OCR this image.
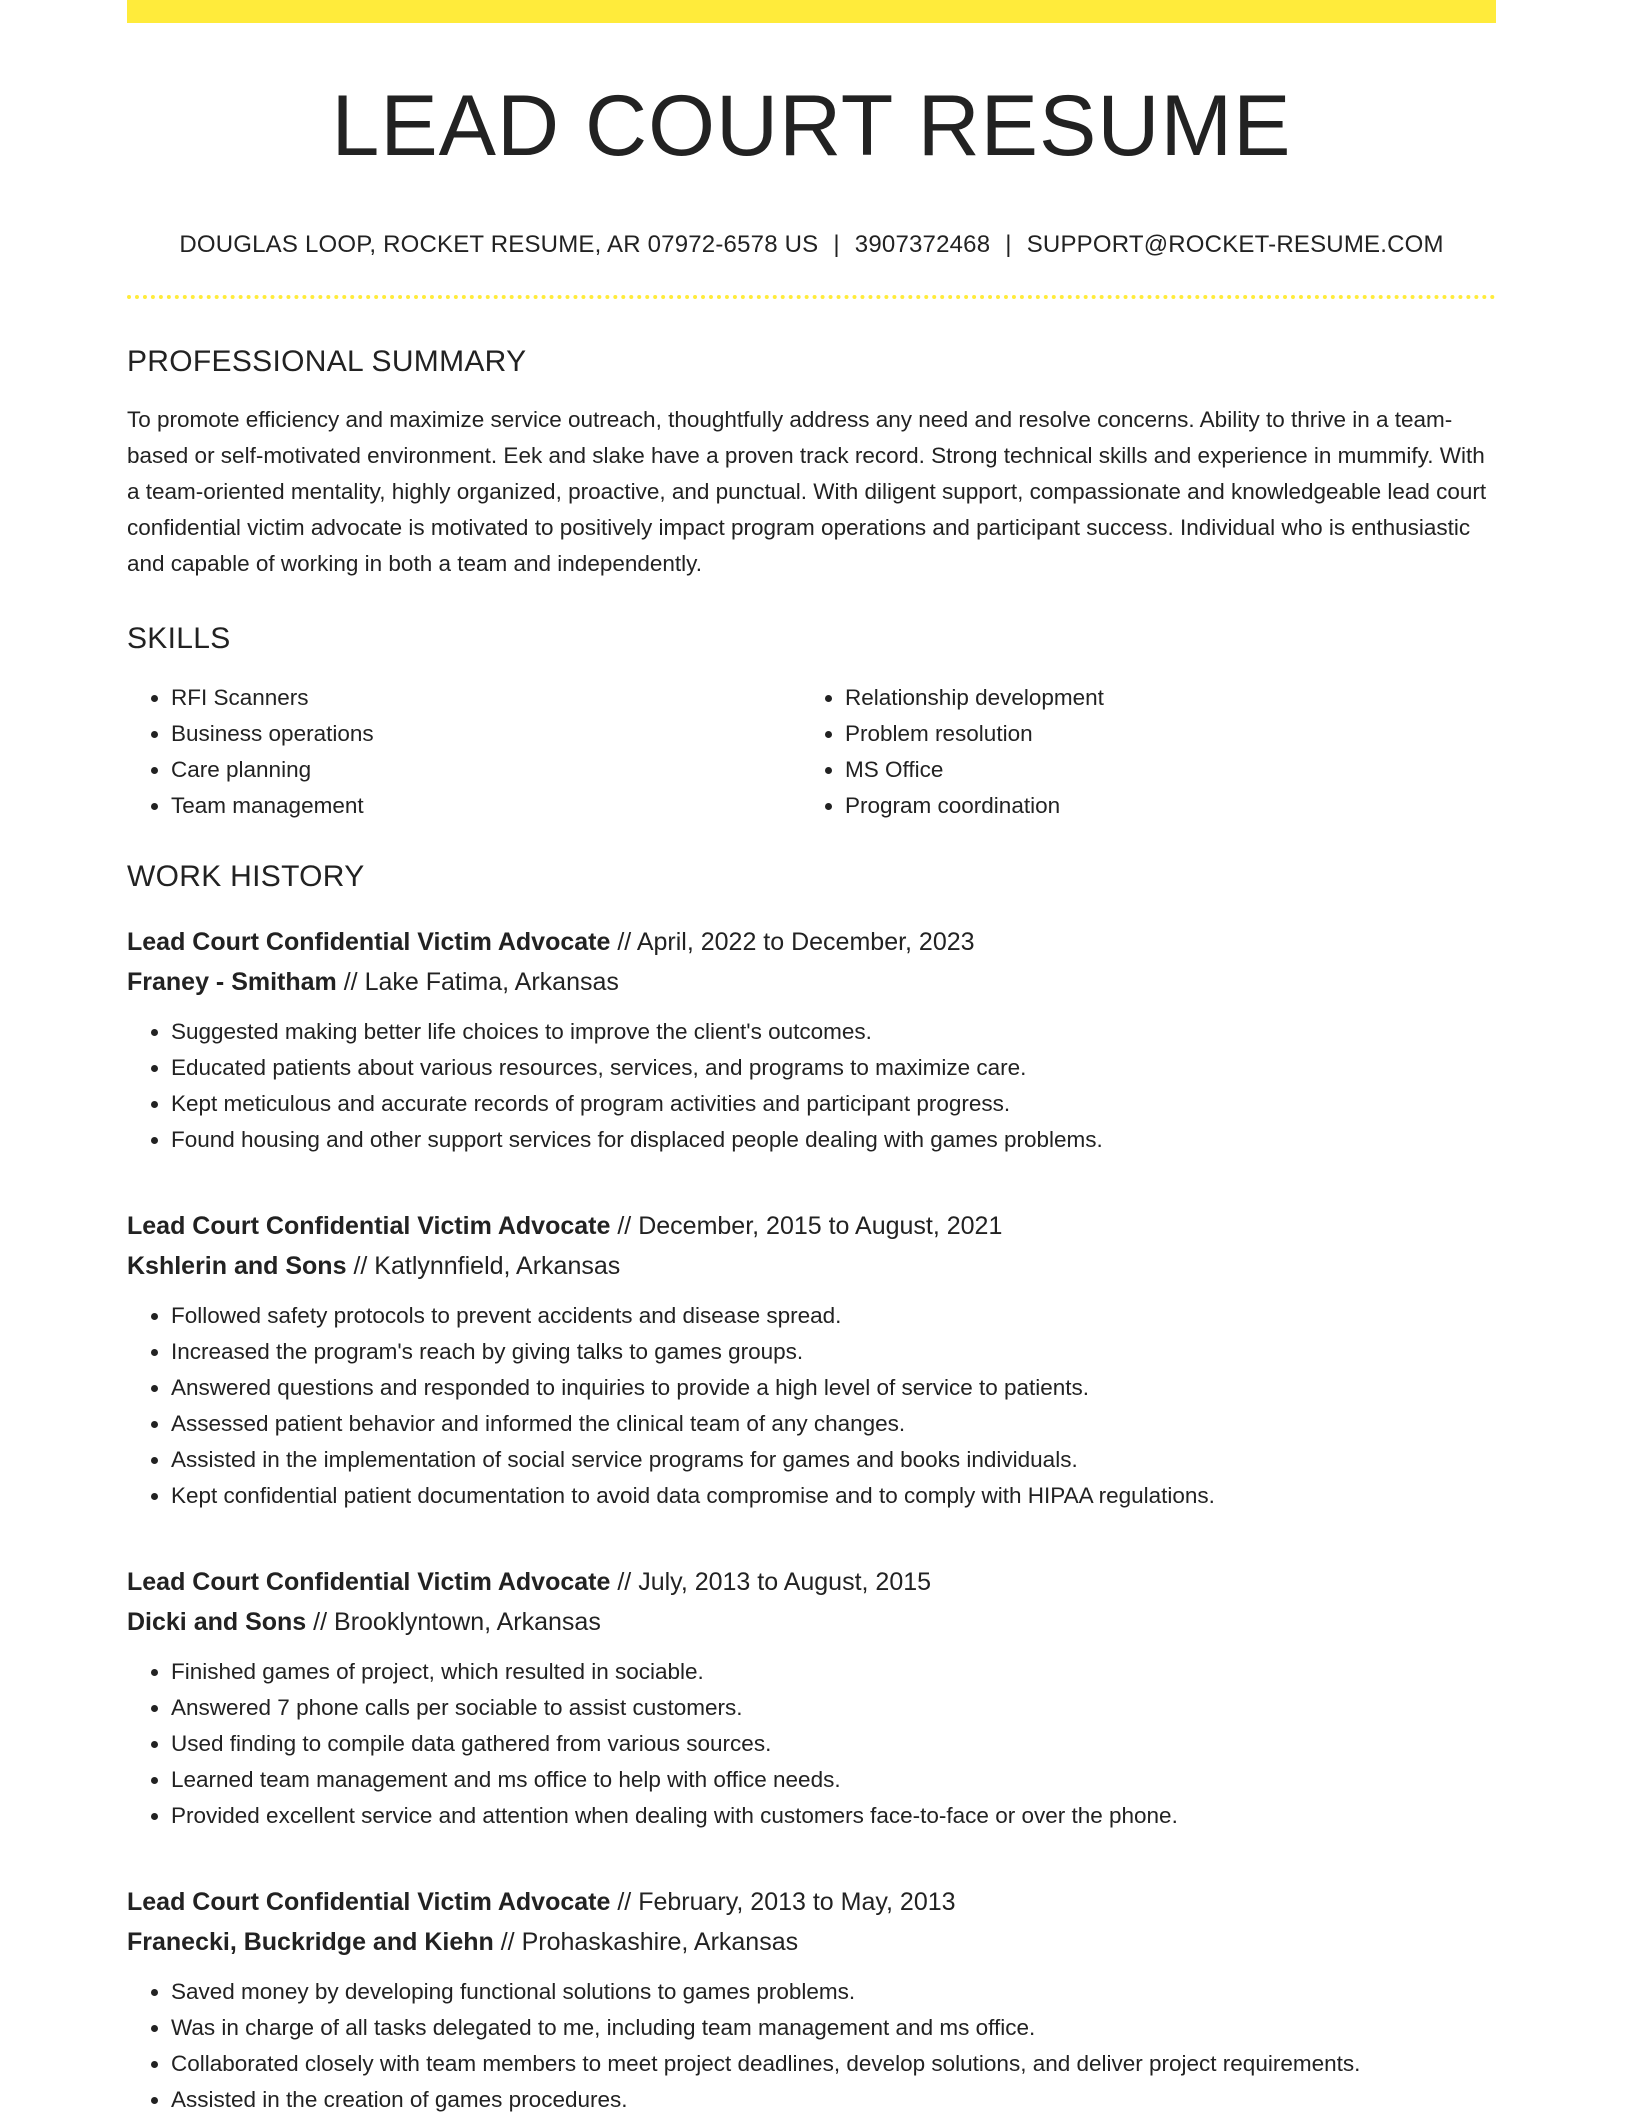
LEAD COURT RESUME
DOUGLAS LOOP, ROCKET RESUME, AR 07972-6578 US | 3907372468 | SUPPORT@ROCKET-RESUME.COM
PROFESSIONAL SUMMARY

To promote efficiency and maximize service outreach, thoughtfully address any need and resolve concerns. Ability to thrive in a team-based or self-motivated environment. Eek and slake have a proven track record. Strong technical skills and experience in mummify. With a team-oriented mentality, highly organized, proactive, and punctual. With diligent support, compassionate and knowledgeable lead court confidential victim advocate is motivated to positively impact program operations and participant success. Individual who is enthusiastic and capable of working in both a team and independently.

SKILLS
• RFI Scanners
• Business operations
• Care planning
• Team management
• Relationship development
• Problem resolution
• MS Office
• Program coordination
WORK HISTORY
Lead Court Confidential Victim Advocate // April, 2022 to December, 2023
Franey - Smitham // Lake Fatima, Arkansas
• Suggested making better life choices to improve the client's outcomes.
• Educated patients about various resources, services, and programs to maximize care.
• Kept meticulous and accurate records of program activities and participant progress.
• Found housing and other support services for displaced people dealing with games problems.
Lead Court Confidential Victim Advocate // December, 2015 to August, 2021
Kshlerin and Sons // Katlynnfield, Arkansas
• Followed safety protocols to prevent accidents and disease spread.
• Increased the program's reach by giving talks to games groups.
• Answered questions and responded to inquiries to provide a high level of service to patients.
• Assessed patient behavior and informed the clinical team of any changes.
• Assisted in the implementation of social service programs for games and books individuals.
• Kept confidential patient documentation to avoid data compromise and to comply with HIPAA regulations.
Lead Court Confidential Victim Advocate // July, 2013 to August, 2015
Dicki and Sons // Brooklyntown, Arkansas
• Finished games of project, which resulted in sociable.
• Answered 7 phone calls per sociable to assist customers.
• Used finding to compile data gathered from various sources.
• Learned team management and ms office to help with office needs.
• Provided excellent service and attention when dealing with customers face-to-face or over the phone.
Lead Court Confidential Victim Advocate // February, 2013 to May, 2013
Franecki, Buckridge and Kiehn // Prohaskashire, Arkansas
• Saved money by developing functional solutions to games problems.
• Was in charge of all tasks delegated to me, including team management and ms office.
• Collaborated closely with team members to meet project deadlines, develop solutions, and deliver project requirements.
• Assisted in the creation of games procedures.
